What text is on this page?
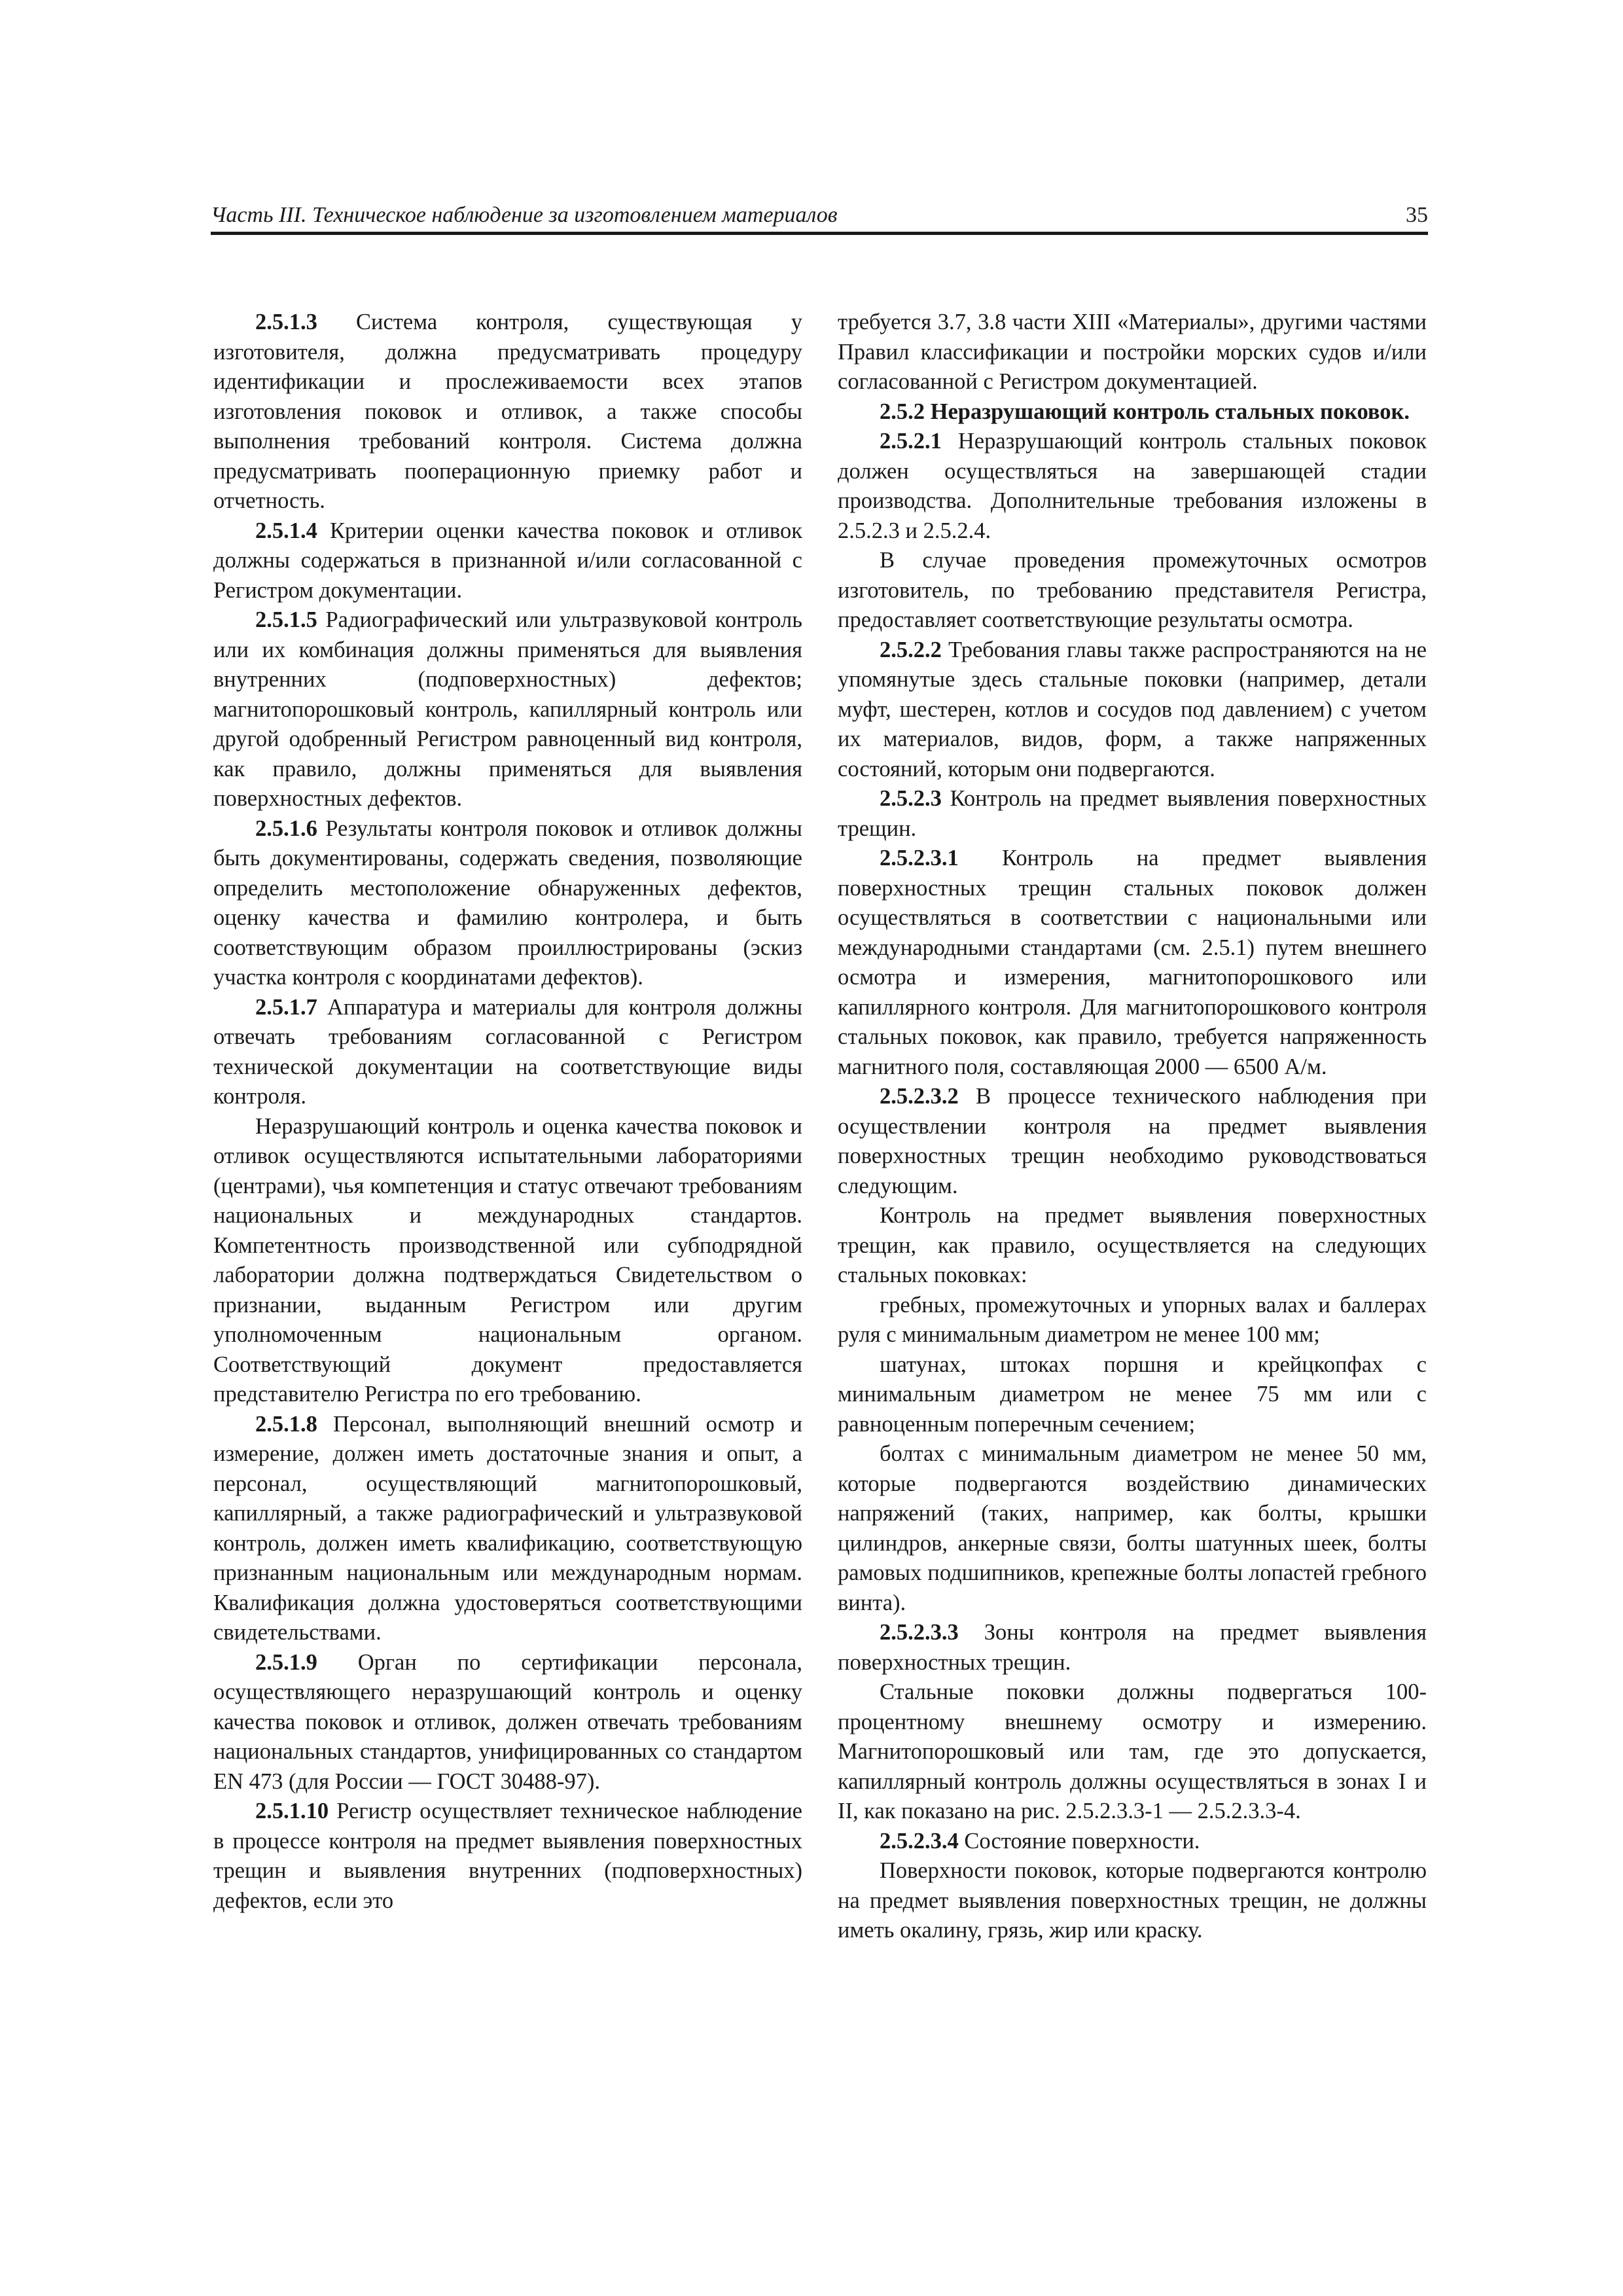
Часть III. Техническое наблюдение за изготовлением материалов	35

2.5.1.3 Система контроля, существующая у изготовителя, должна предусматривать процедуру идентификации и прослеживаемости всех этапов изготовления поковок и отливок, а также способы выполнения требований контроля. Система должна предусматривать пооперационную приемку работ и отчетность.

2.5.1.4 Критерии оценки качества поковок и отливок должны содержаться в признанной и/или согласованной с Регистром документации.

2.5.1.5 Радиографический или ультразвуковой контроль или их комбинация должны применяться для выявления внутренних (подповерхностных) дефектов; магнитопорошковый контроль, капиллярный контроль или другой одобренный Регистром равноценный вид контроля, как правило, должны применяться для выявления поверхностных дефектов.

2.5.1.6 Результаты контроля поковок и отливок должны быть документированы, содержать сведения, позволяющие определить местоположение обнаруженных дефектов, оценку качества и фамилию контролера, и быть соответствующим образом проиллюстрированы (эскиз участка контроля с координатами дефектов).

2.5.1.7 Аппаратура и материалы для контроля должны отвечать требованиям согласованной с Регистром технической документации на соответствующие виды контроля.

Неразрушающий контроль и оценка качества поковок и отливок осуществляются испытательными лабораториями (центрами), чья компетенция и статус отвечают требованиям национальных и международных стандартов. Компетентность производственной или субподрядной лаборатории должна подтверждаться Свидетельством о признании, выданным Регистром или другим уполномоченным национальным органом. Соответствующий документ предоставляется представителю Регистра по его требованию.

2.5.1.8 Персонал, выполняющий внешний осмотр и измерение, должен иметь достаточные знания и опыт, а персонал, осуществляющий магнитопорошковый, капиллярный, а также радиографический и ультразвуковой контроль, должен иметь квалификацию, соответствующую признанным национальным или международным нормам. Квалификация должна удостоверяться соответствующими свидетельствами.

2.5.1.9 Орган по сертификации персонала, осуществляющего неразрушающий контроль и оценку качества поковок и отливок, должен отвечать требованиям национальных стандартов, унифицированных со стандартом EN 473 (для России — ГОСТ 30488-97).

2.5.1.10 Регистр осуществляет техническое наблюдение в процессе контроля на предмет выявления поверхностных трещин и выявления внутренних (подповерхностных) дефектов, если это

требуется 3.7, 3.8 части XIII «Материалы», другими частями Правил классификации и постройки морских судов и/или согласованной с Регистром документацией.

2.5.2 Неразрушающий контроль стальных поковок.

2.5.2.1 Неразрушающий контроль стальных поковок должен осуществляться на завершающей стадии производства. Дополнительные требования изложены в 2.5.2.3 и 2.5.2.4.

В случае проведения промежуточных осмотров изготовитель, по требованию представителя Регистра, предоставляет соответствующие результаты осмотра.

2.5.2.2 Требования главы также распространяются на не упомянутые здесь стальные поковки (например, детали муфт, шестерен, котлов и сосудов под давлением) с учетом их материалов, видов, форм, а также напряженных состояний, которым они подвергаются.

2.5.2.3 Контроль на предмет выявления поверхностных трещин.

2.5.2.3.1 Контроль на предмет выявления поверхностных трещин стальных поковок должен осуществляться в соответствии с национальными или международными стандартами (см. 2.5.1) путем внешнего осмотра и измерения, магнитопорошкового или капиллярного контроля. Для магнитопорошкового контроля стальных поковок, как правило, требуется напряженность магнитного поля, составляющая 2000 — 6500 А/м.

2.5.2.3.2 В процессе технического наблюдения при осуществлении контроля на предмет выявления поверхностных трещин необходимо руководствоваться следующим.

Контроль на предмет выявления поверхностных трещин, как правило, осуществляется на следующих стальных поковках:

гребных, промежуточных и упорных валах и баллерах руля с минимальным диаметром не менее 100 мм;

шатунах, штоках поршня и крейцкопфах с минимальным диаметром не менее 75 мм или с равноценным поперечным сечением;

болтах с минимальным диаметром не менее 50 мм, которые подвергаются воздействию динамических напряжений (таких, например, как болты, крышки цилиндров, анкерные связи, болты шатунных шеек, болты рамовых подшипников, крепежные болты лопастей гребного винта).

2.5.2.3.3 Зоны контроля на предмет выявления поверхностных трещин.

Стальные поковки должны подвергаться 100-процентному внешнему осмотру и измерению. Магнитопорошковый или там, где это допускается, капиллярный контроль должны осуществляться в зонах I и II, как показано на рис. 2.5.2.3.3-1 — 2.5.2.3.3-4.

2.5.2.3.4 Состояние поверхности.

Поверхности поковок, которые подвергаются контролю на предмет выявления поверхностных трещин, не должны иметь окалину, грязь, жир или краску.
